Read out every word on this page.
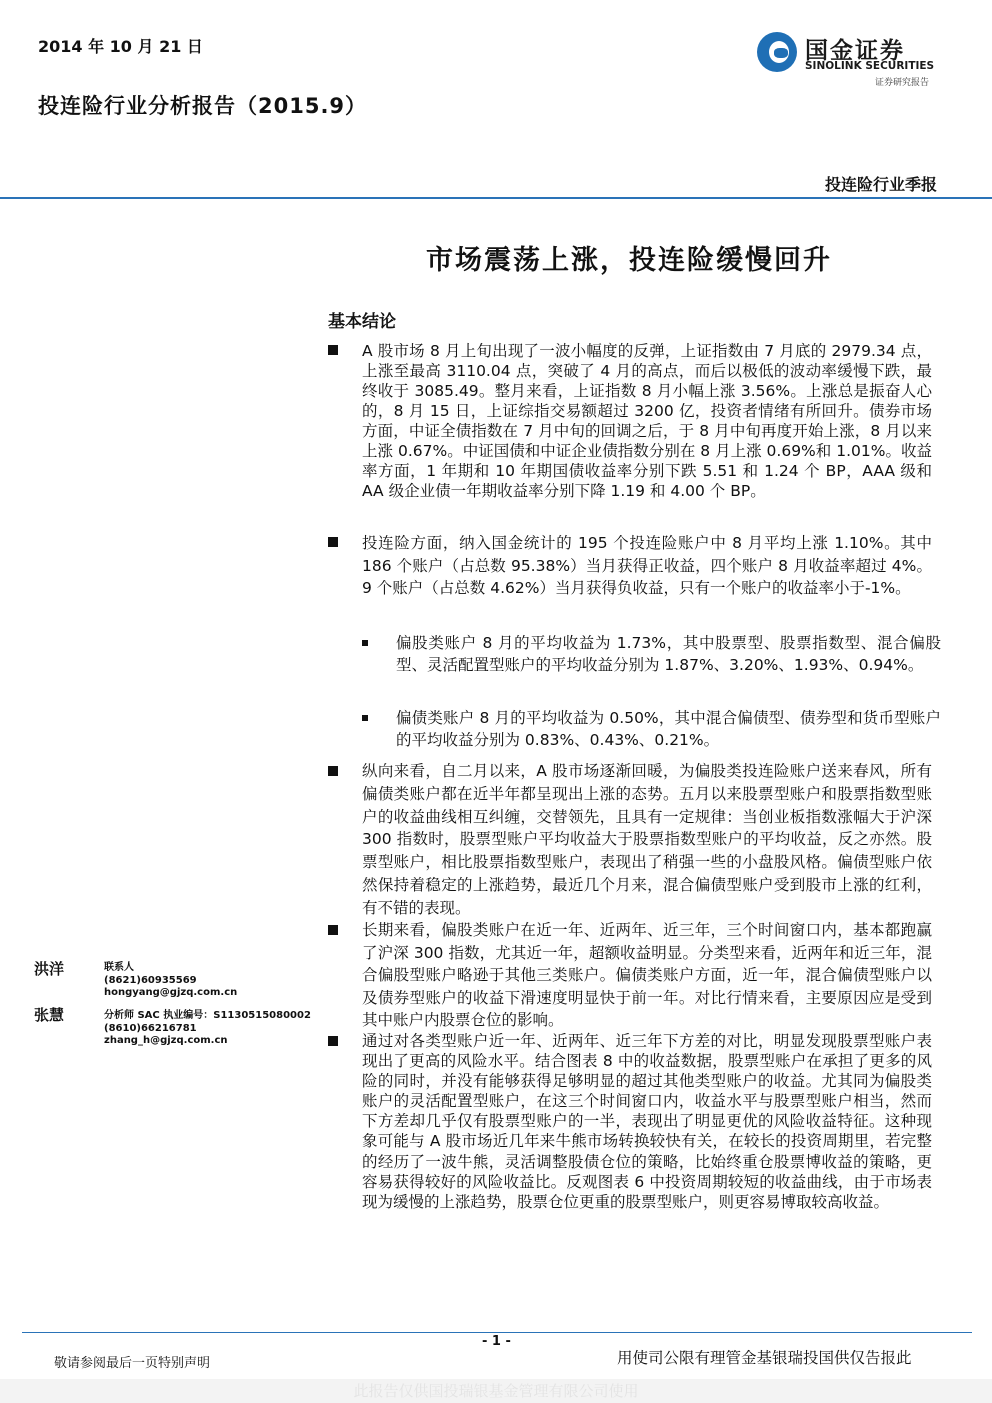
2014 年 10 月 21 日
投连险行业分析报告（2015.9）
国金证券
SINOLINK SECURITIES
证券研究报告
投连险行业季报
市场震荡上涨，投连险缓慢回升
基本结论
A 股市场 8 月上旬出现了一波小幅度的反弹，上证指数由 7 月底的 2979.34 点，上涨至最高 3110.04 点，突破了 4 月的高点，而后以极低的波动率缓慢下跌，最终收于 3085.49。整月来看，上证指数 8 月小幅上涨 3.56%。上涨总是振奋人心的，8 月 15 日，上证综指交易额超过 3200 亿，投资者情绪有所回升。债券市场方面，中证全债指数在 7 月中旬的回调之后，于 8 月中旬再度开始上涨，8 月以来上涨 0.67%。中证国债和中证企业债指数分别在 8 月上涨 0.69%和 1.01%。收益率方面，1 年期和 10 年期国债收益率分别下跌 5.51 和 1.24 个 BP，AAA 级和 AA 级企业债一年期收益率分别下降 1.19 和 4.00 个 BP。
投连险方面，纳入国金统计的 195 个投连险账户中 8 月平均上涨 1.10%。其中 186 个账户（占总数 95.38%）当月获得正收益，四个账户 8 月收益率超过 4%。9 个账户（占总数 4.62%）当月获得负收益，只有一个账户的收益率小于-1%。
偏股类账户 8 月的平均收益为 1.73%，其中股票型、股票指数型、混合偏股型、灵活配置型账户的平均收益分别为 1.87%、3.20%、1.93%、0.94%。
偏债类账户 8 月的平均收益为 0.50%，其中混合偏债型、债券型和货币型账户的平均收益分别为 0.83%、0.43%、0.21%。
纵向来看，自二月以来，A 股市场逐渐回暖，为偏股类投连险账户送来春风，所有偏债类账户都在近半年都呈现出上涨的态势。五月以来股票型账户和股票指数型账户的收益曲线相互纠缠，交替领先，且具有一定规律：当创业板指数涨幅大于沪深 300 指数时，股票型账户平均收益大于股票指数型账户的平均收益，反之亦然。股票型账户，相比股票指数型账户，表现出了稍强一些的小盘股风格。偏债型账户依然保持着稳定的上涨趋势，最近几个月来，混合偏债型账户受到股市上涨的红利，有不错的表现。
长期来看，偏股类账户在近一年、近两年、近三年，三个时间窗口内，基本都跑赢了沪深 300 指数，尤其近一年，超额收益明显。分类型来看，近两年和近三年，混合偏股型账户略逊于其他三类账户。偏债类账户方面，近一年，混合偏债型账户以及债券型账户的收益下滑速度明显快于前一年。对比行情来看，主要原因应是受到其中账户内股票仓位的影响。
通过对各类型账户近一年、近两年、近三年下方差的对比，明显发现股票型账户表现出了更高的风险水平。结合图表 8 中的收益数据，股票型账户在承担了更多的风险的同时，并没有能够获得足够明显的超过其他类型账户的收益。尤其同为偏股类账户的灵活配置型账户，在这三个时间窗口内，收益水平与股票型账户相当，然而下方差却几乎仅有股票型账户的一半，表现出了明显更优的风险收益特征。这种现象可能与 A 股市场近几年来牛熊市场转换较快有关，在较长的投资周期里，若完整的经历了一波牛熊，灵活调整股债仓位的策略，比始终重仓股票博收益的策略，更容易获得较好的风险收益比。反观图表 6 中投资周期较短的收益曲线，由于市场表现为缓慢的上涨趋势，股票仓位更重的股票型账户，则更容易博取较高收益。
洪洋	联系人
(8621)60935569
hongyang@gjzq.com.cn
张慧	分析师 SAC 执业编号：S1130515080002
(8610)66216781
zhang_h@gjzq.com.cn
- 1 -
敬请参阅最后一页特别声明	用使司公限有理管金基银瑞投国供仅告报此
此报告仅供国投瑞银基金管理有限公司使用
